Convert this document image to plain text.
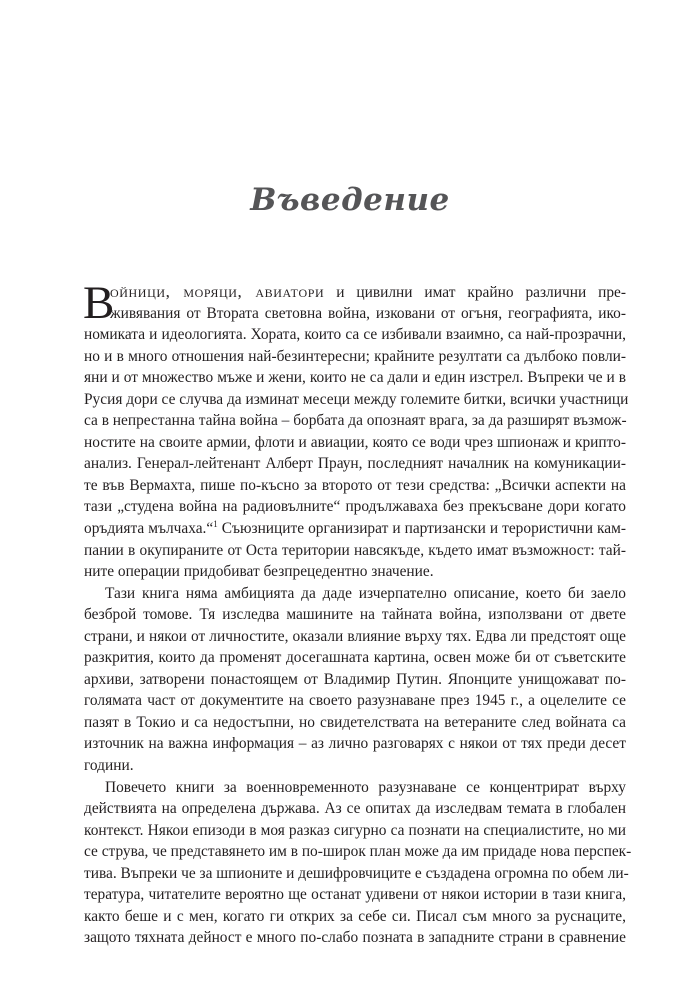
Въведение
В
ойници, моряци, авиатори и цивилни имат крайно различни пре-
живявания от Втората световна война, изковани от огъня, географията, ико-
номиката и идеологията. Хората, които са се избивали взаимно, са най-прозрачни,
но и в много отношения най-безинтересни; крайните резултати са дълбоко повли-
яни и от множество мъже и жени, които не са дали и един изстрел. Въпреки че и в
Русия дори се случва да изминат месеци между големите битки, всички участници
са в непрестанна тайна война – борбата да опознаят врага, за да разширят възмож-
ностите на своите армии, флоти и авиации, която се води чрез шпионаж и крипто-
анализ. Генерал-лейтенант Алберт Праун, последният началник на комуникации-
те във Вермахта, пише по-късно за второто от тези средства: „Всички аспекти на
тази „студена война на радиовълните“ продължаваха без прекъсване дори когато
оръдията мълчаха.“$^1$ Съюзниците организират и партизански и терористични кам-
пании в окупираните от Оста територии навсякъде, където имат възможност: тай-
ните операции придобиват безпрецедентно значение.
Тази книга няма амбицията да даде изчерпателно описание, което би заело
безброй томове. Тя изследва машините на тайната война, използвани от двете
страни, и някои от личностите, оказали влияние върху тях. Едва ли предстоят още
разкрития, които да променят досегашната картина, освен може би от съветските
архиви, затворени понастоящем от Владимир Путин. Японците унищожават по-
голямата част от документите на своето разузнаване през 1945 г., а оцелелите се
пазят в Токио и са недостъпни, но свидетелствата на ветераните след войната са
източник на важна информация – аз лично разговарях с някои от тях преди десет
години.
Повечето книги за военновременното разузнаване се концентрират върху
действията на определена държава. Аз се опитах да изследвам темата в глобален
контекст. Някои епизоди в моя разказ сигурно са познати на специалистите, но ми
се струва, че представянето им в по-широк план може да им придаде нова перспек-
тива. Въпреки че за шпионите и дешифровчиците е създадена огромна по обем ли-
тература, читателите вероятно ще останат удивени от някои истории в тази книга,
както беше и с мен, когато ги открих за себе си. Писал съм много за руснаците,
защото тяхната дейност е много по-слабо позната в западните страни в сравнение
